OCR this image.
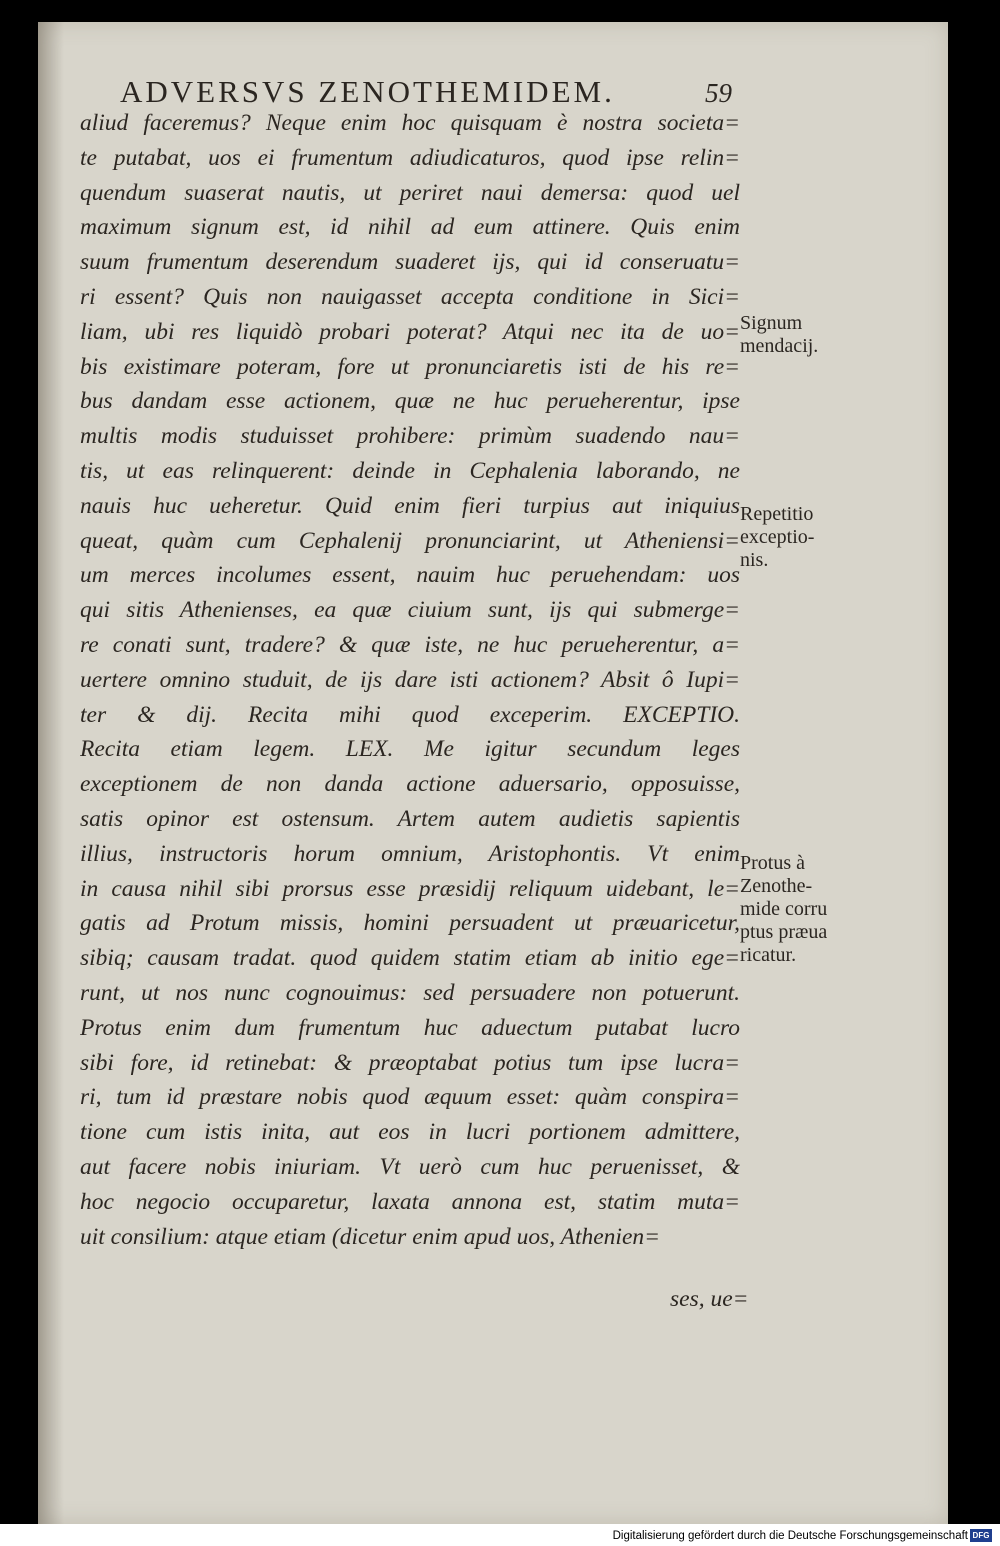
ADVERSVS ZENOTHEMIDEM.	59
aliud faceremus? Neque enim hoc quisquam è nostra societa=
te putabat, uos ei frumentum adiudicaturos, quod ipse relin=
quendum suaserat nautis, ut periret naui demersa: quod uel
maximum signum est, id nihil ad eum attinere. Quis enim
suum frumentum deserendum suaderet ijs, qui id conseruatu=
ri essent? Quis non nauigasset accepta conditione in Sici=
liam, ubi res liquidò probari poterat? Atqui nec ita de uo=
bis existimare poteram, fore ut pronunciaretis isti de his re=
bus dandam esse actionem, quæ ne huc perueherentur, ipse
multis modis studuisset prohibere: primùm suadendo nau=
tis, ut eas relinquerent: deinde in Cephalenia laborando, ne
nauis huc ueheretur. Quid enim fieri turpius aut iniquius
queat, quàm cum Cephalenij pronunciarint, ut Atheniensi=
um merces incolumes essent, nauim huc peruehendam: uos
qui sitis Athenienses, ea quæ ciuium sunt, ijs qui submerge=
re conati sunt, tradere? & quæ iste, ne huc perueherentur, a=
uertere omnino studuit, de ijs dare isti actionem? Absit ô Iupi=
ter & dij. Recita mihi quod exceperim. EXCEPTIO.
Recita etiam legem. LEX. Me igitur secundum leges
exceptionem de non danda actione aduersario, opposuisse,
satis opinor est ostensum. Artem autem audietis sapientis
illius, instructoris horum omnium, Aristophontis. Vt enim
in causa nihil sibi prorsus esse præsidij reliquum uidebant, le=
gatis ad Protum missis, homini persuadent ut præuaricetur,
sibiq; causam tradat. quod quidem statim etiam ab initio ege=
runt, ut nos nunc cognouimus: sed persuadere non potuerunt.
Protus enim dum frumentum huc aduectum putabat lucro
sibi fore, id retinebat: & præoptabat potius tum ipse lucra=
ri, tum id præstare nobis quod æquum esset: quàm conspira=
tione cum istis inita, aut eos in lucri portionem admittere,
aut facere nobis iniuriam. Vt uerò cum huc peruenisset, &
hoc negocio occuparetur, laxata annona est, statim muta=
uit consilium: atque etiam (dicetur enim apud uos, Athenien=
ses, ue=
Signum
mendacij.
Repetitio
exceptio-
nis.
Protus à
Zenothe-
mide corru
ptus præua
ricatur.
Digitalisierung gefördert durch die Deutsche Forschungsgemeinschaft DFG
